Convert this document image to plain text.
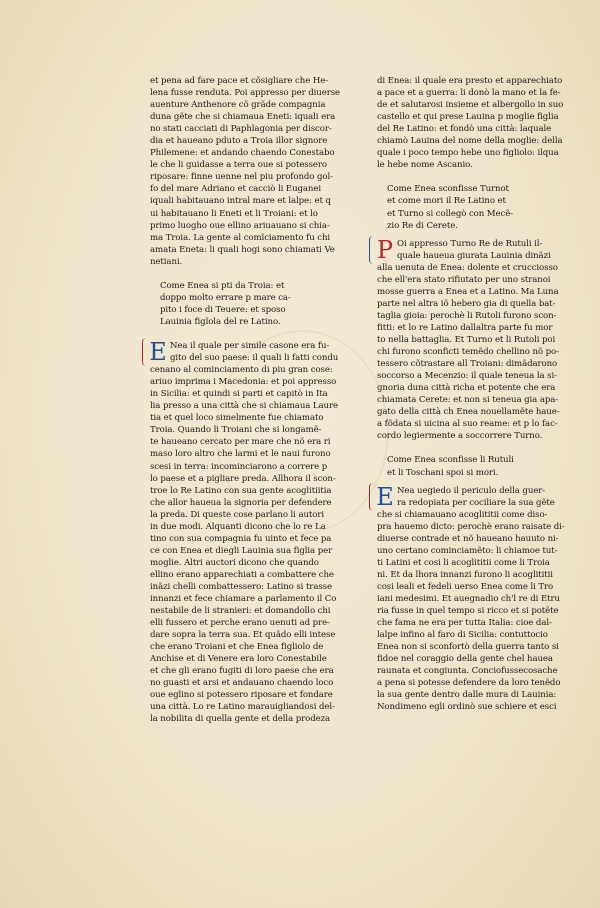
et pena ad fare pace et cõsigliare che He-
lena fusse renduta. Poi appresso per diuerse
auenture Anthenore cõ grãde compagnia
duna gẽte che si chiamaua Eneti: iquali era
no stati cacciati di Paphlagonia per discor-
dia et haueano pduto a Troia illor signore
Philemene: et andando chaendo Conestabo
le che li guidasse a terra oue si potessero
riposare: finne uenne nel piu profondo gol-
fo del mare Adriano et cacciò li Euganei
iquali habitauano intral mare et lalpe: et q
ui habitauano li Eneti et li Troiani: et lo
primo luogho oue ellino ariuauano si chia-
ma Troia. La gente al comĩciamento fu chi
amata Eneta: li quali hogi sono chiamati Ve
netiani.
Come Enea si pti da Troia: et
doppo molto errare p mare ca-
pito i foce di Teuere: et sposo
Lauinia figlola del re Latino.
E Nea il quale per simile casone era fu-
gito del suo paese: il quali li fatti condu
cenano al cominciamento di piu gran cose:
ariuo imprima i Macedonia: et poi appresso
in Sicilia: et quindi si parti et capitò in Ita
lia presso a una città che si chiamaua Laure
tia et quel loco simelmente fue chiamato
Troia. Quando li Troiani che si longamẽ-
te haueano cercato per mare che nõ era ri
maso loro altro che larmi et le naui furono
scesi in terra: incominciarono a correre p
lo paese et a pigliare preda. Allhora il scon-
troe lo Re Latino con sua gente acoglitiitia
che allor haueua la signoria per defendere
la preda. Di queste cose parlano li autori
in due modi. Alquanti dicono che lo re La
tino con sua compagnia fu uinto et fece pa
ce con Enea et diegli Lauinia sua figlia per
moglie. Altri auctori dicono che quando
ellino erano apparechiati a combattere che
inãzi chelli combattessero: Latino si trasse
innanzi et fece chiamare a parlamento il Co
nestabile de li stranieri: et domandollo chi
elli fussero et perche erano uenuti ad pre-
dare sopra la terra sua. Et quãdo elli intese
che erano Troiani et che Enea figliolo de
Anchise et di Venere era loro Conestabile
et che gli erano fugiti di loro paese che era
no guasti et arsi et andauano chaendo loco
oue eglino si potessero riposare et fondare
una città. Lo re Latino marauigliandosi del-
la nobilita di quella gente et della prodeza
di Enea: il quale era presto et apparechiato
a pace et a guerra: li donò la mano et la fe-
de et salutarosi insieme et albergollo in suo
castello et qui prese Lauina p moglie figlia
del Re Latino: et fondò una città: laquale
chiamò Lauina del nome della moglie: della
quale i poco tempo hebe uno figliolo: ilqua
le hebe nome Ascanio.
Come Enea sconfisse Turnot
et come mori il Re Latino et
et Turno si collegò con Mecẽ-
zio Re di Cerete.
P Oi appresso Turno Re de Rutuli il-
quale haueua giurata Lauinia dinãzi
alla uenuta de Enea: dolente et crucciosso
che ell'era stato rifiutato per uno stranoi
mosse guerra a Enea et a Latino. Ma Luna
parte nel altra iõ hebero gia di quella bat-
taglia gioia: perochè li Rutoli furono scon-
fitti: et lo re Latino dallaltra parte fu mor
to nella battaglia. Et Turno et li Rutoli poi
chi furono sconficti temẽdo chellino nõ po-
tessero cõtrastare all Troiani: dimãdarono
soccorso a Mecenzio: il quale teneua la si-
gnoria duna città richa et potente che era
chiamata Cerete: et non si teneua gia apa-
gato della città ch Enea nouellamẽte haue-
a fõdata si uicina al suo reame: et p lo fac-
cordo legiermente a soccorrere Turno.
Come Enea sconfisse li Rutuli
et li Toschani spoi si mori.
E Nea uegiedo il periculo della guer-
ra redopiata per cociliare la sua gẽte
che si chiamauano acoglititii come diso-
pra hauemo dicto: perochè erano raisate di-
diuerse contrade et nõ haueano hauuto ni-
uno certano cominciamẽto: li chiamoe tut-
ti Latini et cosi li acoglititii come li Troia
ni. Et da lhora innanzi furono li acoglititii
cosi leali et fedeli uerso Enea come li Tro
iani medesimi. Et auegnadio ch'l re di Etru
ria fusse in quel tempo si ricco et si potẽte
che fama ne era per tutta Italia: cioe dal-
lalpe infino al faro di Sicilia: contuttocio
Enea non si sconfortò della guerra tanto si
fidoe nel coraggio della gente chel hauea
raunata et congiunta. Conciofussecosache
a pena si potesse defendere da loro tenẽdo
la sua gente dentro dalle mura di Lauinia:
Nondimeno egli ordinò sue schiere et esci
